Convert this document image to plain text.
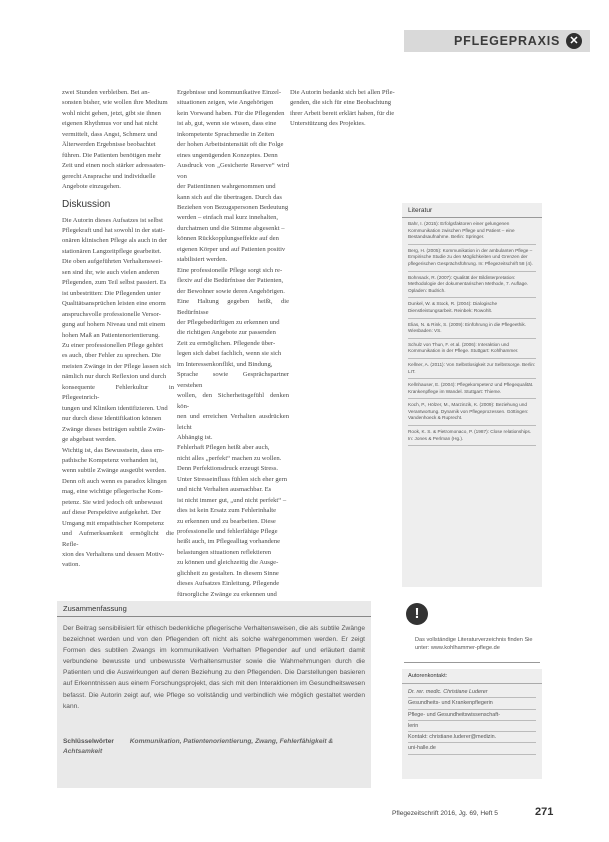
PFLEGEPRAXIS ✕

zwei Stunden verbleiben. Bei an-
sonsten bisher, wie wollen ihre Medium
wohl nicht gehen, jetzt, gibt sie ihnen
eigenen Rhythmus vor und hat nicht
vermittelt, dass Angst, Schmerz und
Älterwerden Ergebnisse beobachtet
führen. Die Patienten benötigen mehr
Zeit und einen noch stärker adressaten-
gerecht Ansprache und individuelle
Angebote einzugehen.

Diskussion

Die Autorin dieses Aufsatzes ist selbst
Pflegekraft und hat sowohl in der stati-
onären klinischen Pflege als auch in der
stationären Langzeitpflege gearbeitet.
Die oben aufgeführten Verhaltenswei-
sen sind ihr, wie auch vielen anderen
Pflegenden, zum Teil selbst passiert. Es
ist unbestritten: Die Pflegenden unter
Qualitätsansprüchen leisten eine enorm
anspruchsvolle professionelle Versor-
gung auf hohem Niveau und mit einem
hohen Maß an Patientenorientierung.
Zu einer professionellen Pflege gehört
es auch, über Fehler zu sprechen. Die
meisten Zwänge in der Pflege lassen sich
nämlich nur durch Reflexion und durch
konsequente Fehlerkultur in Pflegeeinrich-
tungen und Kliniken identifizieren. Und
nur durch diese Identifikation können
Zwänge dieses beiträgen subtile Zwän-
ge abgebaut werden.
Wichtig ist, das Bewusstsein, dass em-
pathische Kompetenz vorhanden ist,
wenn subtile Zwänge ausgeübt werden.
Denn oft auch wenn es paradox klingen
mag, eine wichtige pflegerische Kom-
petenz. Sie wird jedoch oft unbewusst
auf diese Perspektive aufgekehrt. Der
Umgang mit empathischer Kompetenz
und Aufmerksamkeit ermöglicht die Refle-
xion des Verhaltens und dessen Motiv-
vation.

Ergebnisse und kommunikative Einzel-
situationen zeigen, wie Angehörigen
kein Vorwand haben. Für die Pflegenden
ist ab, gut, wenn sie wissen, dass eine
inkompetente Sprachmedie in Zeiten
der hohen Arbeitsintensität oft die Folge
eines ungenügenden Konzeptes. Denn
Ausdruck von „Gesicherte Reserve“ wird von
der Patientinnen wahrgenommen und
kann sich auf die übertragen. Durch das
Beziehen von Bezugspersonen Bedeutung
werden – einfach mal kurz innehalten,
durchatmen und die Stimme abgesenkt –
können Rückkopplungseffekte auf den
eigenen Körper und auf Patienten positiv
stabilisiert werden.
Eine professionelle Pflege sorgt sich re-
flexiv auf die Bedürfnisse der Patienten,
der Bewohner sowie deren Angehörigen.
Eine Haltung gegeben heißt, die Bedürfnisse
der Pflegebedürftigen zu erkennen und
die richtigen Angebote zur passenden
Zeit zu ermöglichen. Pflegende über-
legen sich dabei fachlich, wenn sie sich
im Interessenkonflikt, und Bindung,
Sprache sowie Gesprächspartner verstehen
wollen, den Sicherheitsgefühl denken kön-
nen und erreichen Verhalten ausdrücken leicht
Abhängig ist.
Fehlerhaft Pflegen heißt aber auch,
nicht alles „perfekt“ machen zu wollen.
Denn Perfektionsdruck erzeugt Stress.
Unter Stresseinfluss fühlen sich eher gern
und nicht Verhalten ausmachbar. Es
ist nicht immer gut, „und nicht perfekt“ –
dies ist kein Ersatz zum Fehlerinhalte
zu erkennen und zu bearbeiten. Diese
professionelle und fehlerfähige Pflege
heißt auch, im Pflegealltag vorhandene
belastungen situationen reflektieren
zu können und gleichzeitig die Ausge-
glichheit zu gestalten. In diesem Sinne
dieses Aufsatzes Einleitung. Pflegende
fürsorgliche Zwänge zu erkennen und

Die Autorin bedankt sich bei allen Pfle-
genden, die sich für eine Beobachtung
ihrer Arbeit bereit erklärt haben, für die
Unterstützung des Projektes.

Literatur
Bahr, I. (2015): Erfolgsfaktoren einer gelungenen Kommunikation zwischen Pflege und Patient – eine Bestandsaufnahme. Berlin: Springer.
Berg, H. (2005): Kommunikation in der ambulanten Pflege – Empirische Studie zu den Möglichkeiten und Grenzen der pflegerischen Gesprächsführung. In: Pflegezeitschrift 58 (4).
Bohnsack, R. (2007): Qualität der Bildinterpretation: Methodologie der dokumentarischen Methode, 7. Auflage. Opladen: Budrich.
Dunkel, W. & Stock, R. (2004): Dialogische Dienstleistungsarbeit. Reinbek: Rowohlt.
Elias, N. & Rink, S. (2009): Einführung in die Pflegeethik. Wiesbaden: VS.
Schulz von Thun, F. et al. (2006): Interaktion und Kommunikation in der Pflege. Stuttgart: Kohlhammer.
Kellner, A. (2011): Von Selbstlosigkeit zur Selbstsorge. Berlin: LIT.
Kellnhauser, E. (2004): Pflegekompetenz und Pflegequalität. Krankenpflege im Wandel. Stuttgart: Thieme.
Koch, P., Hölzer, M., Marzinzik, K. (2009): Beziehung und Verantwortung. Dynamik von Pflegeprozessen. Göttingen: Vandenhoeck & Ruprecht.
Rook, K. S. & Pietromonaco, P. (1987): Close relationships. In: Jones & Perlman (Hg.).
Zusammenfassung

Der Beitrag sensibilisiert für ethisch bedenkliche pflegerische Verhaltensweisen, die als subtile Zwänge bezeichnet werden und von den Pflegenden oft nicht als solche wahrgenommen werden. Er zeigt Formen des subtilen Zwangs im kommunikativen Verhalten Pflegender auf und erläutert damit verbundene bewusste und unbewusste Verhaltensmuster sowie die Wahrnehmungen durch die Patienten und die Auswirkungen auf deren Beziehung zu den Pflegenden. Die Darstellungen basieren auf Erkenntnissen aus einem Forschungsprojekt, das sich mit den Interaktionen im Gesundheitswesen befasst. Die Autorin zeigt auf, wie Pflege so vollständig und verbindlich wie möglich gestaltet werden kann.

Schlüsselwörter Kommunikation, Patientenorientierung, Zwang, Fehlerfähigkeit & Achtsamkeit
!
Das vollständige Literaturverzeichnis finden Sie unter: www.kohlhammer-pflege.de
Autorenkontakt:

Dr. rer. medic. Christiane Luderer

Gesundheits- und Krankenpflegerin

Pflege- und Gesundheitswissenschaft-

lerin

Kontakt: christiane.luderer@medizin.

uni-halle.de

Pflegezeitschrift 2016, Jg. 69, Heft 5	271
